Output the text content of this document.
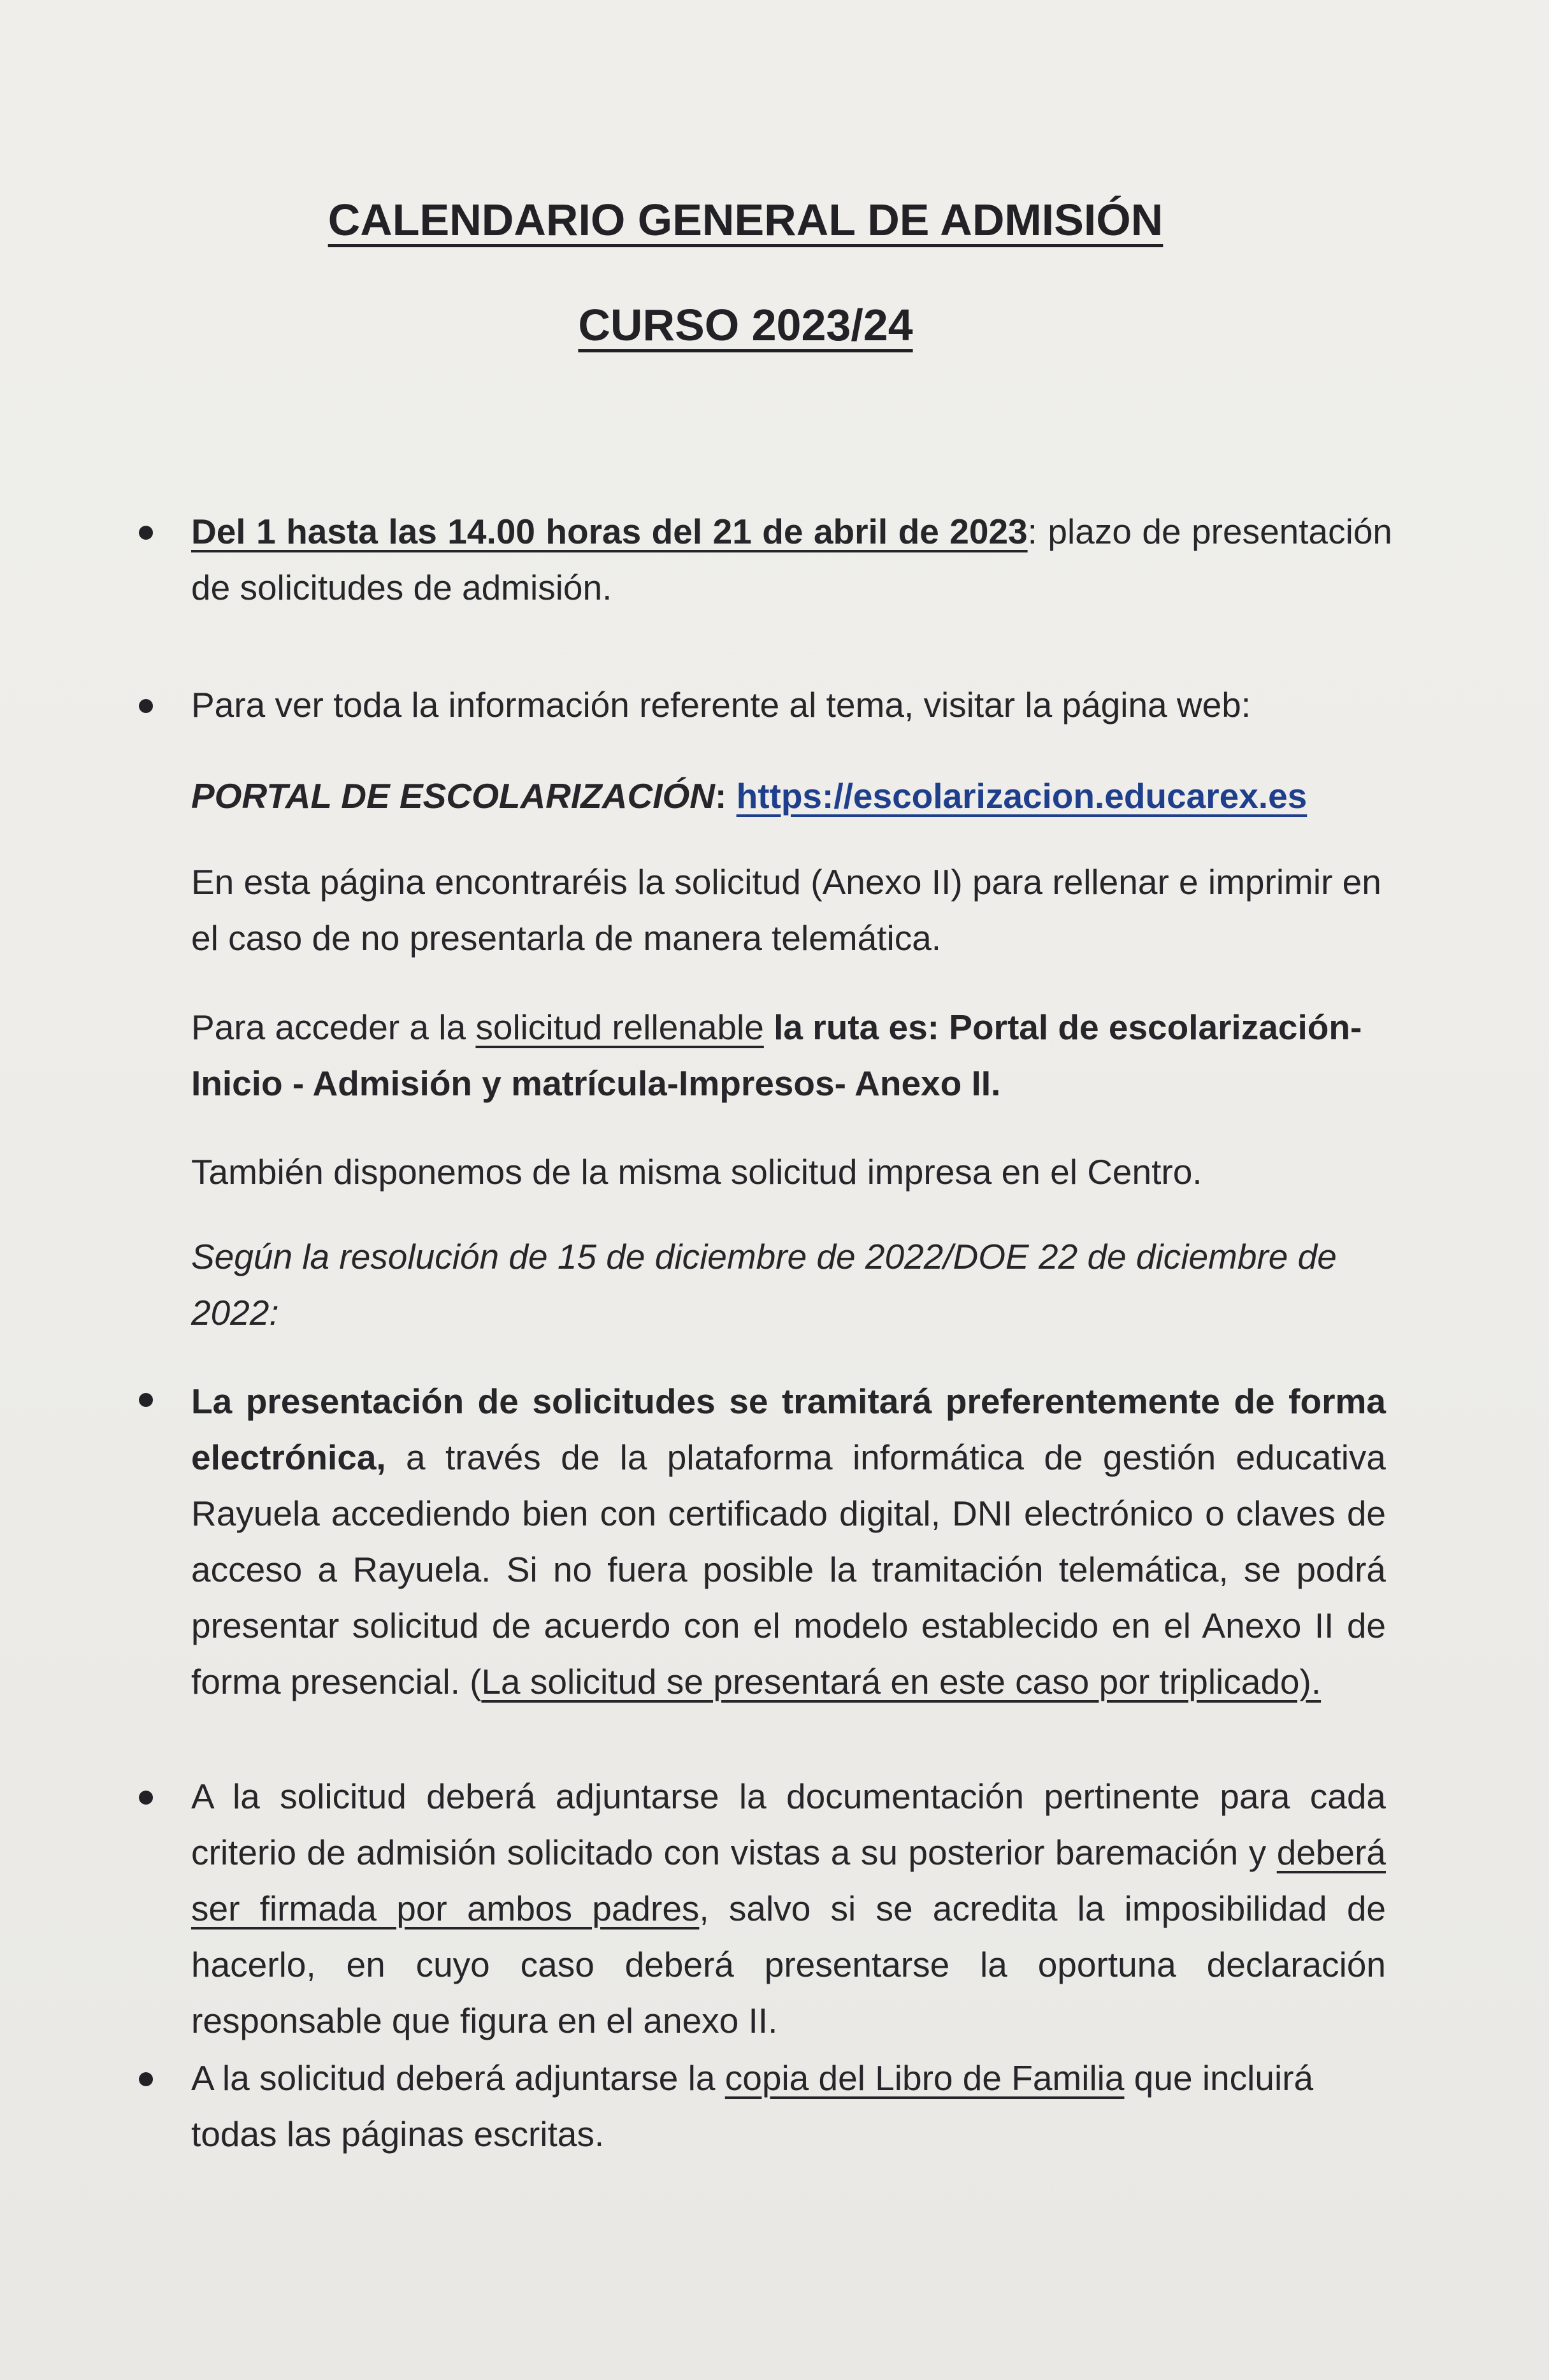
CALENDARIO GENERAL DE ADMISIÓN
CURSO 2023/24
Del 1 hasta las 14.00 horas del 21 de abril de 2023: plazo de presentación de solicitudes de admisión.
Para ver toda la información referente al tema, visitar la página web:
PORTAL DE ESCOLARIZACIÓN: https://escolarizacion.educarex.es
En esta página encontraréis la solicitud (Anexo II) para rellenar e imprimir en el caso de no presentarla de manera telemática.
Para acceder a la solicitud rellenable la ruta es: Portal de escolarización-Inicio - Admisión y matrícula-Impresos- Anexo II.
También disponemos de la misma solicitud impresa en el Centro.
Según la resolución de 15 de diciembre de 2022/DOE 22 de diciembre de 2022:
La presentación de solicitudes se tramitará preferentemente de forma electrónica, a través de la plataforma informática de gestión educativa Rayuela accediendo bien con certificado digital, DNI electrónico o claves de acceso a Rayuela. Si no fuera posible la tramitación telemática, se podrá presentar solicitud de acuerdo con el modelo establecido en el Anexo II de forma presencial. (La solicitud se presentará en este caso por triplicado).
A la solicitud deberá adjuntarse la documentación pertinente para cada criterio de admisión solicitado con vistas a su posterior baremación y deberá ser firmada por ambos padres, salvo si se acredita la imposibilidad de hacerlo, en cuyo caso deberá presentarse la oportuna declaración responsable que figura en el anexo II.
A la solicitud deberá adjuntarse la copia del Libro de Familia que incluirá todas las páginas escritas.
